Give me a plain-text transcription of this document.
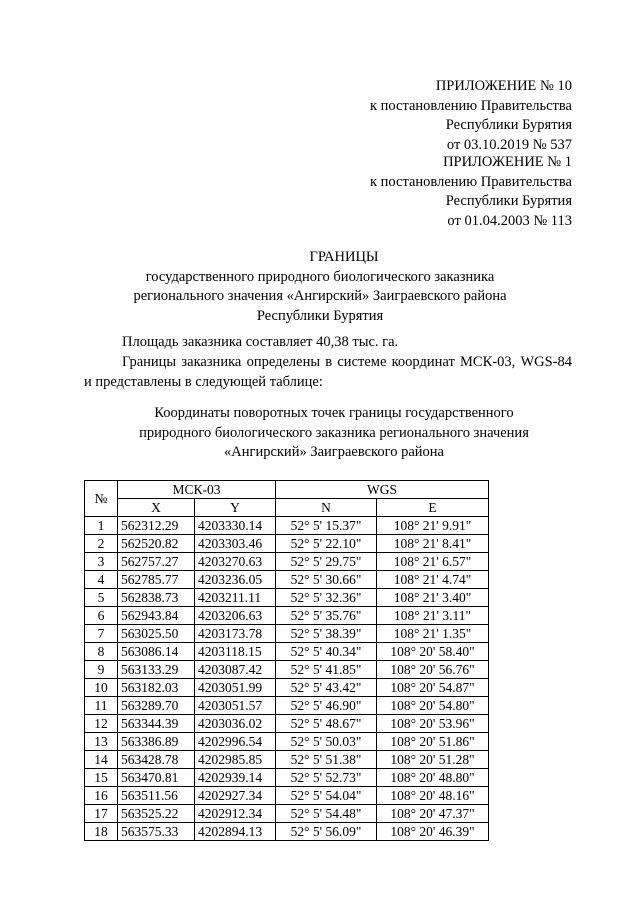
ПРИЛОЖЕНИЕ № 10
к постановлению Правительства
Республики Бурятия
от 03.10.2019 № 537
ПРИЛОЖЕНИЕ № 1
к постановлению Правительства
Республики Бурятия
от 01.04.2003 № 113
ГРАНИЦЫ
государственного природного биологического заказника
регионального значения «Ангирский» Заиграевского района
Республики Бурятия
Площадь заказника составляет 40,38 тыс. га.
Границы заказника определены в системе координат МСК-03, WGS-84 и представлены в следующей таблице:
Координаты поворотных точек границы государственного
природного биологического заказника регионального значения
«Ангирский» Заиграевского района
№	МСК-03		WGS	
	X	Y	N	E
1	562312.29	4203330.14	52° 5' 15.37"	108° 21' 9.91"
2	562520.82	4203303.46	52° 5' 22.10"	108° 21' 8.41"
3	562757.27	4203270.63	52° 5' 29.75"	108° 21' 6.57"
4	562785.77	4203236.05	52° 5' 30.66"	108° 21' 4.74"
5	562838.73	4203211.11	52° 5' 32.36"	108° 21' 3.40"
6	562943.84	4203206.63	52° 5' 35.76"	108° 21' 3.11"
7	563025.50	4203173.78	52° 5' 38.39"	108° 21' 1.35"
8	563086.14	4203118.15	52° 5' 40.34"	108° 20' 58.40"
9	563133.29	4203087.42	52° 5' 41.85"	108° 20' 56.76"
10	563182.03	4203051.99	52° 5' 43.42"	108° 20' 54.87"
11	563289.70	4203051.57	52° 5' 46.90"	108° 20' 54.80"
12	563344.39	4203036.02	52° 5' 48.67"	108° 20' 53.96"
13	563386.89	4202996.54	52° 5' 50.03"	108° 20' 51.86"
14	563428.78	4202985.85	52° 5' 51.38"	108° 20' 51.28"
15	563470.81	4202939.14	52° 5' 52.73"	108° 20' 48.80"
16	563511.56	4202927.34	52° 5' 54.04"	108° 20' 48.16"
17	563525.22	4202912.34	52° 5' 54.48"	108° 20' 47.37"
18	563575.33	4202894.13	52° 5' 56.09"	108° 20' 46.39"
